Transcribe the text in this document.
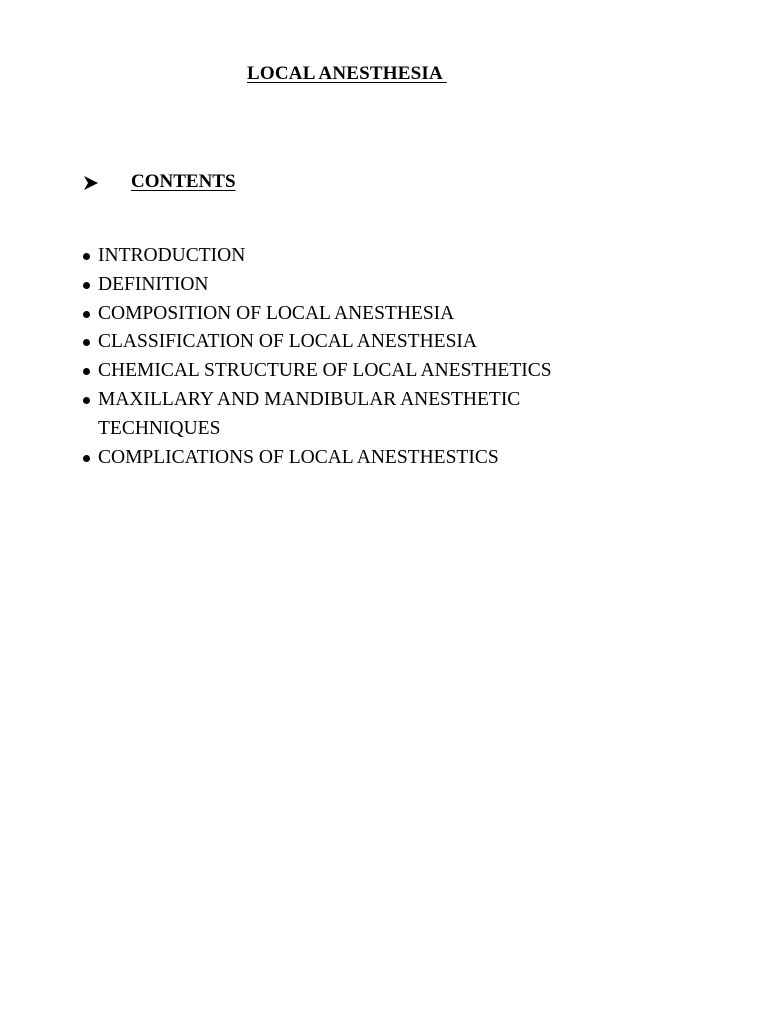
LOCAL ANESTHESIA
CONTENTS
INTRODUCTION
DEFINITION
COMPOSITION OF LOCAL ANESTHESIA
CLASSIFICATION OF LOCAL ANESTHESIA
CHEMICAL STRUCTURE OF LOCAL ANESTHETICS
MAXILLARY AND MANDIBULAR ANESTHETIC TECHNIQUES
COMPLICATIONS OF LOCAL ANESTHESTICS
